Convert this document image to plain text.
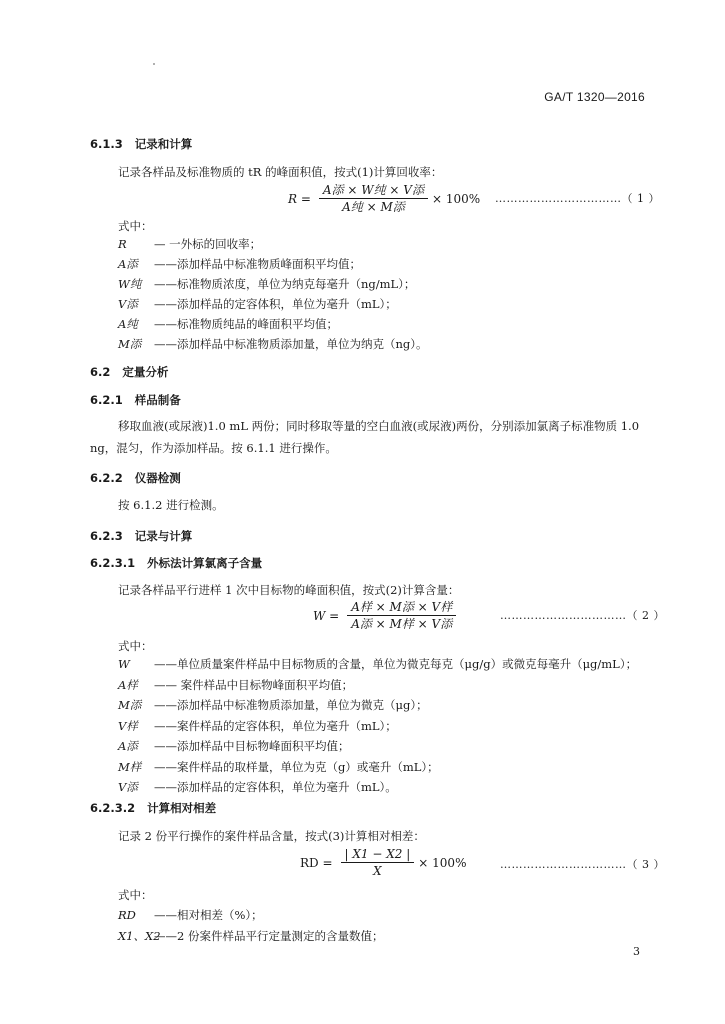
GA/T 1320—2016
6.1.3 记录和计算
记录各样品及标准物质的 tR 的峰面积值，按式(1)计算回收率：
$R = \frac{\text{A添 × W纯 × V添}}{\text{A纯 × M添}} \times 100\%$ ……………………………（ 1 ）
式中：
R — 一外标的回收率；
A添 ——添加样品中标准物质峰面积平均值；
W纯 ——标准物质浓度，单位为纳克每毫升（ng/mL）；
V添 ——添加样品的定容体积，单位为毫升（mL）；
A纯 ——标准物质纯品的峰面积平均值；
M添 ——添加样品中标准物质添加量，单位为纳克（ng）。
6.2 定量分析
6.2.1 样品制备
移取血液(或尿液)1.0 mL 两份；同时移取等量的空白血液(或尿液)两份，分别添加氯离子标准物质 1.0 ng，混匀，作为添加样品。按 6.1.1 进行操作。
6.2.2 仪器检测
按 6.1.2 进行检测。
6.2.3 记录与计算
6.2.3.1 外标法计算氯离子含量
记录各样品平行进样 1 次中目标物的峰面积值，按式(2)计算含量：
$W = \frac{\text{A样 × M添 × V样}}{\text{A添 × M样 × V添}}$	……………………………（ 2 ）
式中：
W ——单位质量案件样品中目标物质的含量，单位为微克每克（μg/g）或微克每毫升（μg/mL）；
A样 —— 案件样品中目标物峰面积平均值；
M添 ——添加样品中标准物质添加量，单位为微克（μg）；
V样 ——案件样品的定容体积，单位为毫升（mL）；
A添 ——添加样品中目标物峰面积平均值；
M样 ——案件样品的取样量，单位为克（g）或毫升（mL）；
V添 ——添加样品的定容体积，单位为毫升（mL）。
6.2.3.2 计算相对相差
记录 2 份平行操作的案件样品含量，按式(3)计算相对相差：
RD = $\frac{| X1 - X2 |}{X} \times 100\%$	……………………………（ 3 ）
式中：
RD ——相对相差（%）；
X1、X2——2 份案件样品平行定量测定的含量数值；
3
